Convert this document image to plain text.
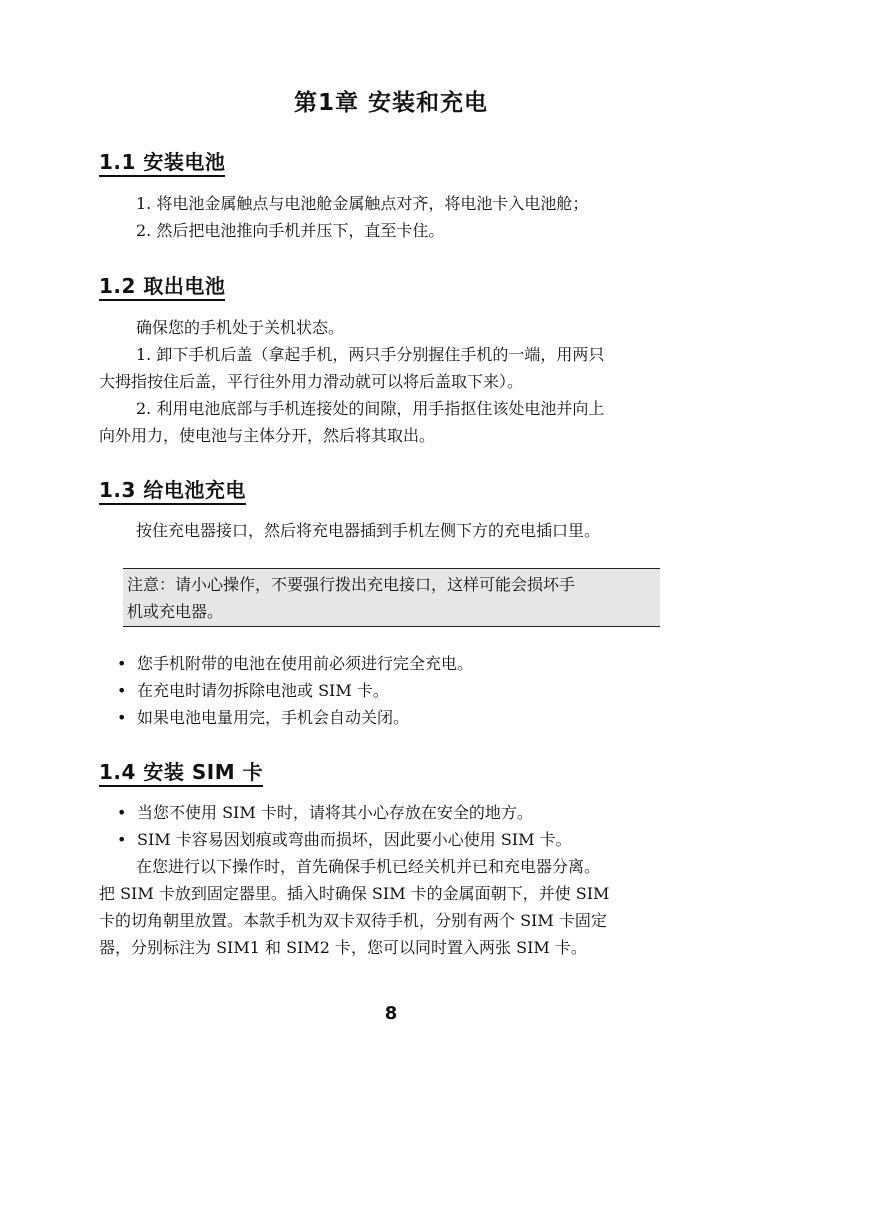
第1章 安装和充电
1.1 安装电池
1. 将电池金属触点与电池舱金属触点对齐，将电池卡入电池舱；
2. 然后把电池推向手机并压下，直至卡住。
1.2 取出电池
确保您的手机处于关机状态。
1. 卸下手机后盖（拿起手机，两只手分别握住手机的一端，用两只
大拇指按住后盖，平行往外用力滑动就可以将后盖取下来）。
2. 利用电池底部与手机连接处的间隙，用手指抠住该处电池并向上
向外用力，使电池与主体分开，然后将其取出。
1.3 给电池充电
按住充电器接口，然后将充电器插到手机左侧下方的充电插口里。
注意：请小心操作，不要强行拨出充电接口，这样可能会损坏手
机或充电器。
• 您手机附带的电池在使用前必须进行完全充电。
• 在充电时请勿拆除电池或 SIM 卡。
• 如果电池电量用完，手机会自动关闭。
1.4 安装 SIM 卡
• 当您不使用 SIM 卡时，请将其小心存放在安全的地方。
• SIM 卡容易因划痕或弯曲而损坏，因此要小心使用 SIM 卡。
在您进行以下操作时，首先确保手机已经关机并已和充电器分离。
把 SIM 卡放到固定器里。插入时确保 SIM 卡的金属面朝下，并使 SIM
卡的切角朝里放置。本款手机为双卡双待手机，分别有两个 SIM 卡固定
器，分别标注为 SIM1 和 SIM2 卡，您可以同时置入两张 SIM 卡。
8
